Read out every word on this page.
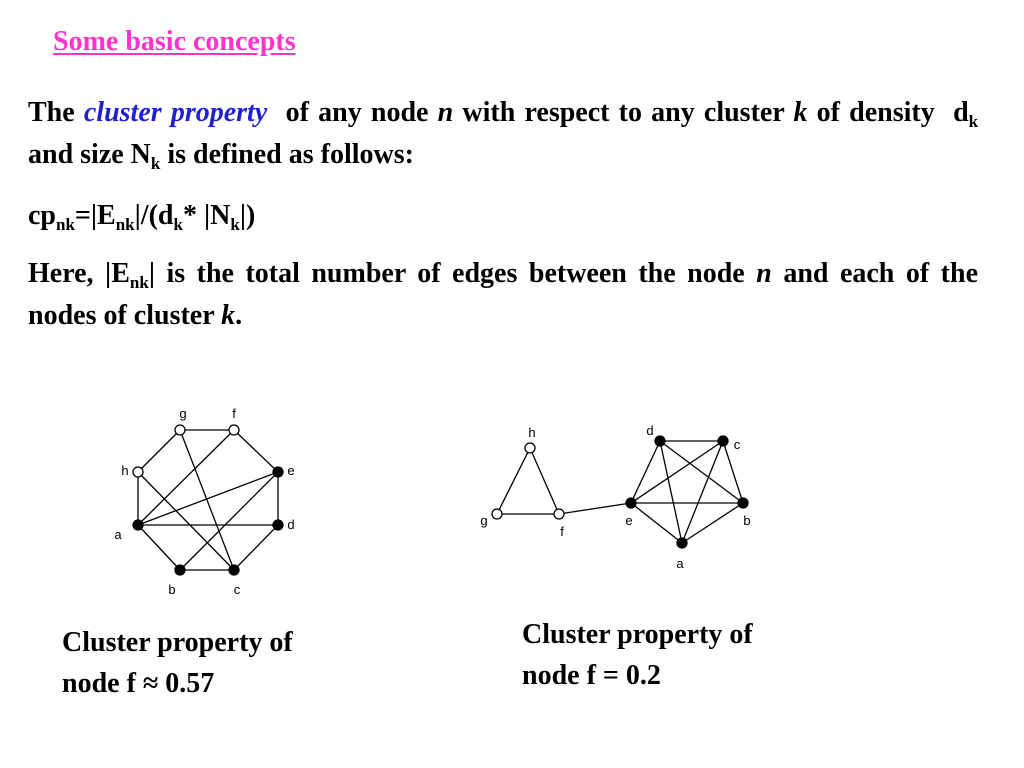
Some basic concepts
The cluster property of any node n with respect to any cluster k of density $d_k$ and size $N_k$ is defined as follows:
$cp_{nk}=|E_{nk}|/(d_k*$ $|N_k|$)
Here, $|E_{nk}|$ is the total number of edges between the node n and each of the nodes of cluster k.
g	f
h	e
a
d
b	c
h
g
f
d
c
e	b
a
Cluster property of
node f ≈ 0.57
Cluster property of
node f = 0.2
